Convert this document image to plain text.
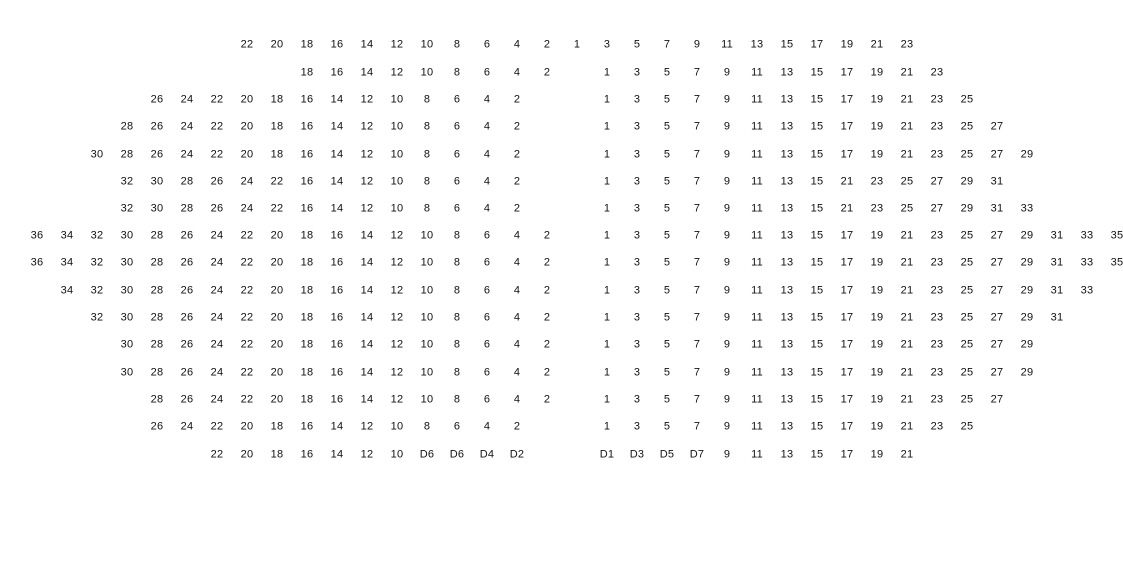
22 20 18 16 14 12 10 8 6 4 2 1 3 5 7 9 11 13 15 17 19 21 23
18 16 14 12 10 8 6 4 2	1 3 5 7 9 11 13 15 17 19 21 23
26 24 22 20 18 16 14 12 10 8 6 4 2	1 3 5 7 9 11 13 15 17 19 21 23 25
28 26 24 22 20 18 16 14 12 10 8 6 4 2	1 3 5 7 9 11 13 15 17 19 21 23 25 27
30 28 26 24 22 20 18 16 14 12 10 8 6 4 2	1 3 5 7 9 11 13 15 17 19 21 23 25 27 29
32 30 28 26 24 22 16 14 12 10 8 6 4 2	1 3 5 7 9 11 13 15 21 23 25 27 29 31
32 30 28 26 24 22 16 14 12 10 8 6 4 2	1 3 5 7 9 11 13 15 21 23 25 27 29 31 33
36 34 32 30 28 26 24 22 20 18 16 14 12 10 8 6 4 2	1 3 5 7 9 11 13 15 17 19 21 23 25 27 29 31 33 35
36 34 32 30 28 26 24 22 20 18 16 14 12 10 8 6 4 2	1 3 5 7 9 11 13 15 17 19 21 23 25 27 29 31 33 35
34 32 30 28 26 24 22 20 18 16 14 12 10 8 6 4 2	1 3 5 7 9 11 13 15 17 19 21 23 25 27 29 31 33
32 30 28 26 24 22 20 18 16 14 12 10 8 6 4 2	1 3 5 7 9 11 13 15 17 19 21 23 25 27 29 31
30 28 26 24 22 20 18 16 14 12 10 8 6 4 2	1 3 5 7 9 11 13 15 17 19 21 23 25 27 29
30 28 26 24 22 20 18 16 14 12 10 8 6 4 2	1 3 5 7 9 11 13 15 17 19 21 23 25 27 29
28 26 24 22 20 18 16 14 12 10 8 6 4 2	1 3 5 7 9 11 13 15 17 19 21 23 25 27
26 24 22 20 18 16 14 12 10 8 6 4 2	1 3 5 7 9 11 13 15 17 19 21 23 25
22 20 18 16 14 12 10 D6 D6 D4 D2	D1 D3 D5 D7 9 11 13 15 17 19 21
